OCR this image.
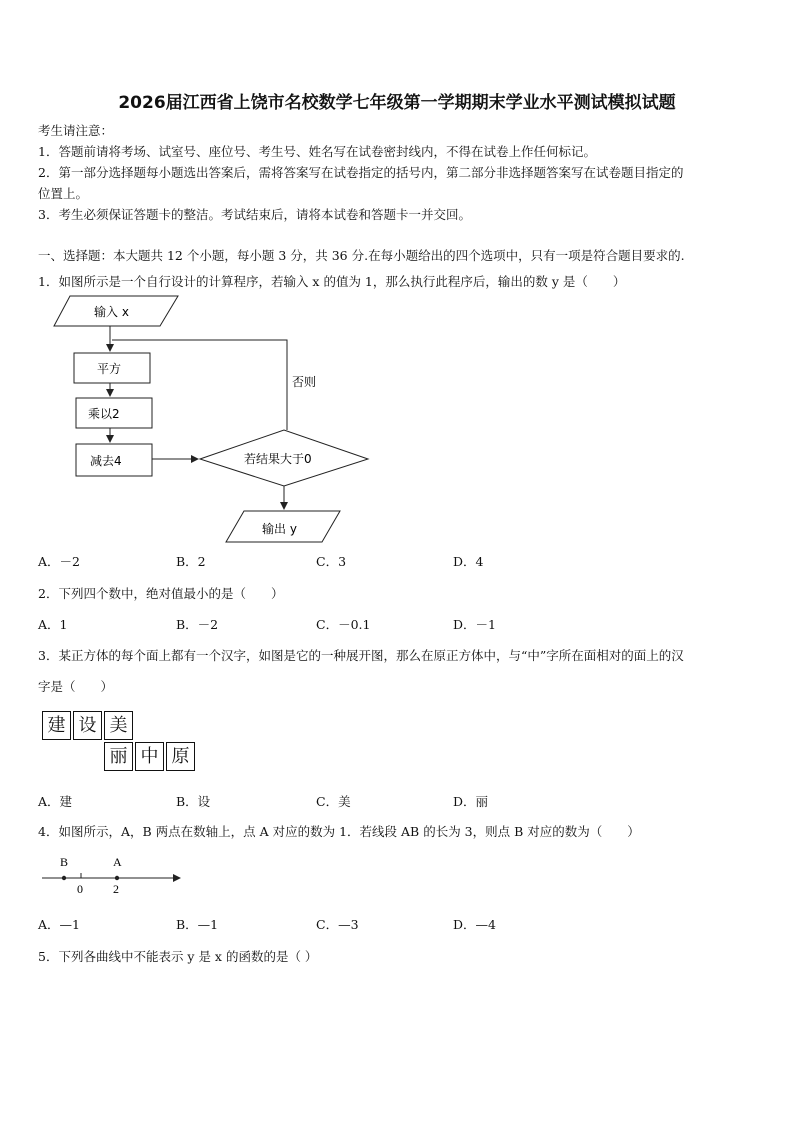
2026届江西省上饶市名校数学七年级第一学期期末学业水平测试模拟试题
考生请注意：
1．答题前请将考场、试室号、座位号、考生号、姓名写在试卷密封线内，不得在试卷上作任何标记。
2．第一部分选择题每小题选出答案后，需将答案写在试卷指定的括号内，第二部分非选择题答案写在试卷题目指定的
位置上。
3．考生必须保证答题卡的整洁。考试结束后，请将本试卷和答题卡一并交回。
一、选择题：本大题共 12 个小题，每小题 3 分，共 36 分.在每小题给出的四个选项中，只有一项是符合题目要求的.
1．如图所示是一个自行设计的计算程序，若输入 x 的值为 1，那么执行此程序后，输出的数 y 是（　　）
输入 x
平方
乘以2
减去4	若结果大于0
否则
输出 y
A．－2	B．2	C．3	D．4
2．下列四个数中，绝对值最小的是（　　）
A．1	B．－2	C．－0.1	D．－1
3．某正方体的每个面上都有一个汉字，如图是它的一种展开图，那么在原正方体中，与“中”字所在面相对的面上的汉
字是（　　）
建 设 美
丽 中 原
A．建	B．设	C．美	D．丽
4．如图所示，A，B 两点在数轴上，点 A 对应的数为 1．若线段 AB 的长为 3，则点 B 对应的数为（　　）
B	A
0	2
A．—1	B．—1	C．—3	D．—4
5．下列各曲线中不能表示 y 是 x 的函数的是（ ）
